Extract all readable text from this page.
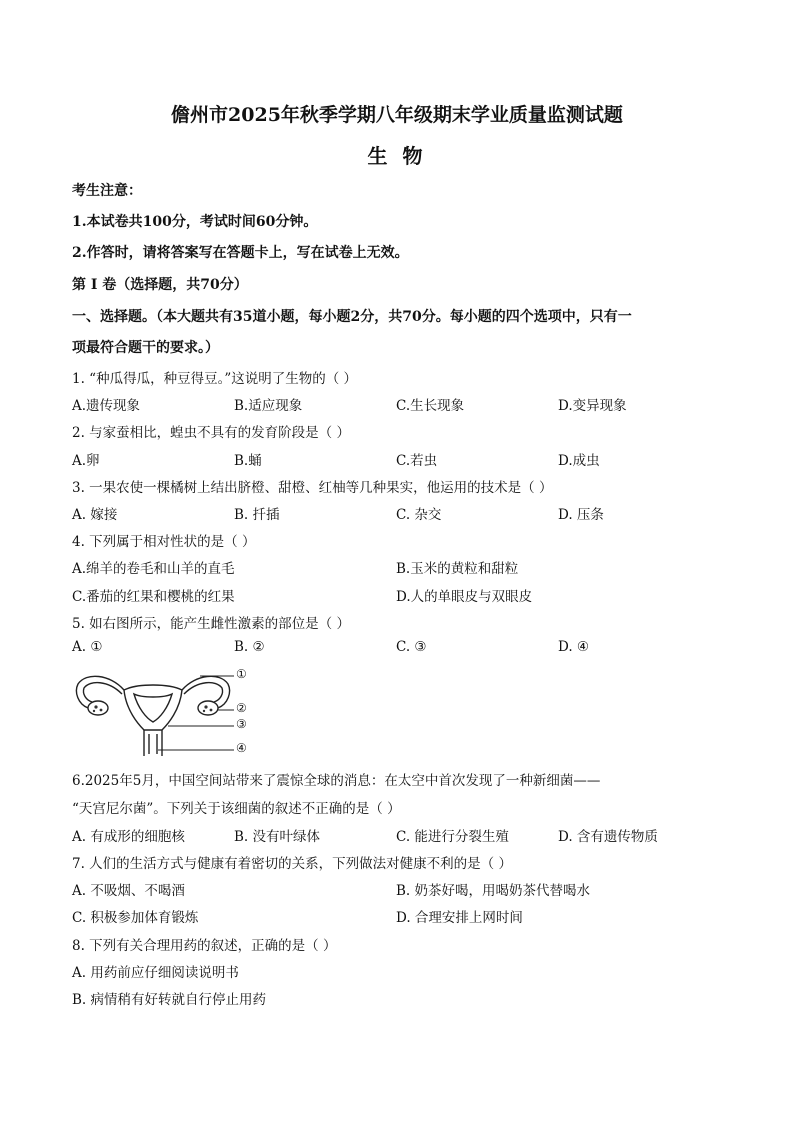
儋州市2025年秋季学期八年级期末学业质量监测试题
生 物
考生注意：
1.本试卷共100分，考试时间60分钟。
2.作答时，请将答案写在答题卡上，写在试卷上无效。
第 Ⅰ 卷（选择题，共70分）
一、选择题。（本大题共有35道小题，每小题2分，共70分。每小题的四个选项中，只有一
项最符合题干的要求。）
1. “种瓜得瓜，种豆得豆。”这说明了生物的（ ）
A.遗传现象	B.适应现象	C.生长现象	D.变异现象
2. 与家蚕相比，蝗虫不具有的发育阶段是（ ）
A.卵	B.蛹	C.若虫	D.成虫
3. 一果农使一棵橘树上结出脐橙、甜橙、红柚等几种果实，他运用的技术是（ ）
A. 嫁接	B. 扦插	C. 杂交	D. 压条
4. 下列属于相对性状的是（ ）
A.绵羊的卷毛和山羊的直毛	B.玉米的黄粒和甜粒
C.番茄的红果和樱桃的红果	D.人的单眼皮与双眼皮
5. 如右图所示，能产生雌性激素的部位是（ ）
A. ①	B. ②	C. ③	D. ④
①
②
③
④
6.2025年5月，中国空间站带来了震惊全球的消息：在太空中首次发现了一种新细菌——
“天宫尼尔菌”。下列关于该细菌的叙述不正确的是（ ）
A. 有成形的细胞核	B. 没有叶绿体	C. 能进行分裂生殖	D. 含有遗传物质
7. 人们的生活方式与健康有着密切的关系，下列做法对健康不利的是（ ）
A. 不吸烟、不喝酒	B. 奶茶好喝，用喝奶茶代替喝水
C. 积极参加体育锻炼	D. 合理安排上网时间
8. 下列有关合理用药的叙述，正确的是（ ）
A. 用药前应仔细阅读说明书
B. 病情稍有好转就自行停止用药
